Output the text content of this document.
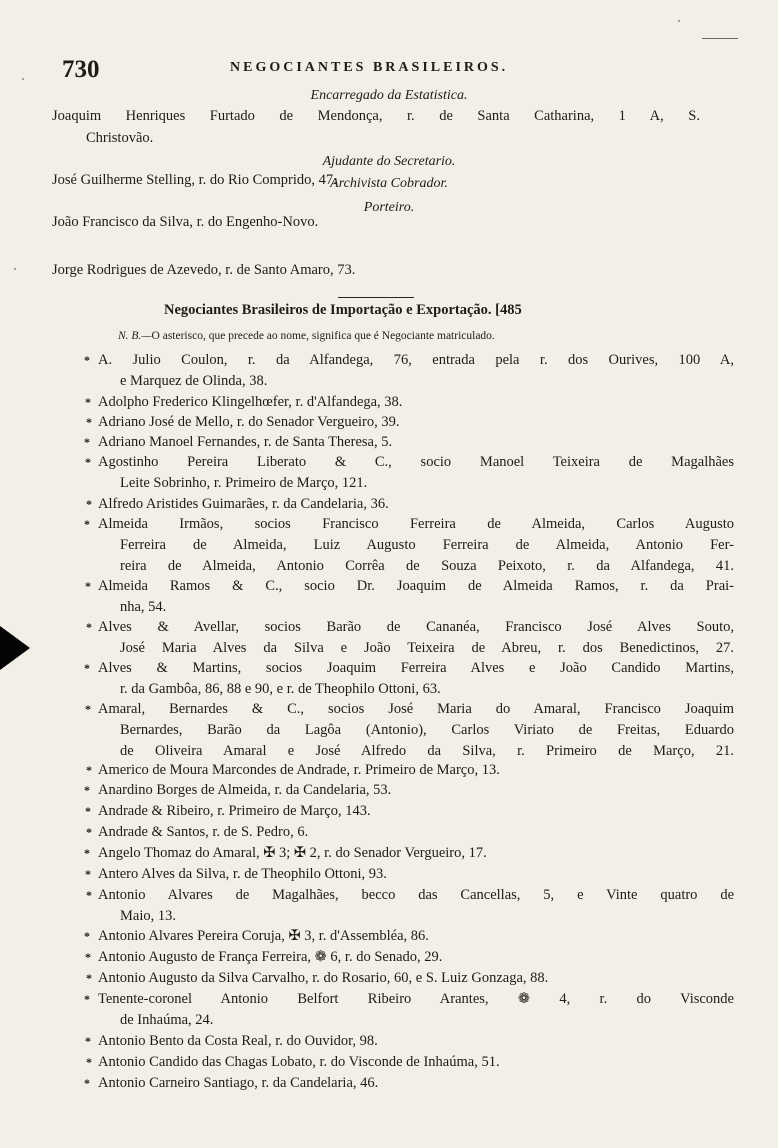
730	NEGOCIANTES BRASILEIROS.
Encarregado da Estatistica.
Joaquim Henriques Furtado de Mendonça, r. de Santa Catharina, 1 A, S.
Christovão.
Ajudante do Secretario.
José Guilherme Stelling, r. do Rio Comprido, 47.
Archivista Cobrador.
João Francisco da Silva, r. do Engenho-Novo.
Porteiro.
Jorge Rodrigues de Azevedo, r. de Santo Amaro, 73.
Negociantes Brasileiros de Importação e Exportação. [485
N. B.—O asterisco, que precede ao nome, significa que é Negociante matriculado.
* A. Julio Coulon, r. da Alfandega, 76, entrada pela r. dos Ourives, 100 A,
e Marquez de Olinda, 38.
* Adolpho Frederico Klingelhœfer, r. d'Alfandega, 38.
* Adriano José de Mello, r. do Senador Vergueiro, 39.
* Adriano Manoel Fernandes, r. de Santa Theresa, 5.
* Agostinho Pereira Liberato & C., socio Manoel Teixeira de Magalhães
Leite Sobrinho, r. Primeiro de Março, 121.
* Alfredo Aristides Guimarães, r. da Candelaria, 36.
* Almeida Irmãos, socios Francisco Ferreira de Almeida, Carlos Augusto
Ferreira de Almeida, Luiz Augusto Ferreira de Almeida, Antonio Fer-
reira de Almeida, Antonio Corrêa de Souza Peixoto, r. da Alfandega, 41.
* Almeida Ramos & C., socio Dr. Joaquim de Almeida Ramos, r. da Prai-
nha, 54.
* Alves & Avellar, socios Barão de Cananéa, Francisco José Alves Souto,
José Maria Alves da Silva e João Teixeira de Abreu, r. dos Benedictinos, 27.
* Alves & Martins, socios Joaquim Ferreira Alves e João Candido Martins,
r. da Gambôa, 86, 88 e 90, e r. de Theophilo Ottoni, 63.
* Amaral, Bernardes & C., socios José Maria do Amaral, Francisco Joaquim
Bernardes, Barão da Lagôa (Antonio), Carlos Viriato de Freitas, Eduardo
de Oliveira Amaral e José Alfredo da Silva, r. Primeiro de Março, 21.
* Americo de Moura Marcondes de Andrade, r. Primeiro de Março, 13.
* Anardino Borges de Almeida, r. da Candelaria, 53.
* Andrade & Ribeiro, r. Primeiro de Março, 143.
* Andrade & Santos, r. de S. Pedro, 6.
* Angelo Thomaz do Amaral, ✠ 3; ✠ 2, r. do Senador Vergueiro, 17.
* Antero Alves da Silva, r. de Theophilo Ottoni, 93.
* Antonio Alvares de Magalhães, becco das Cancellas, 5, e Vinte quatro de
Maio, 13.
* Antonio Alvares Pereira Coruja, ✠ 3, r. d'Assembléa, 86.
* Antonio Augusto de França Ferreira, ❁ 6, r. do Senado, 29.
* Antonio Augusto da Silva Carvalho, r. do Rosario, 60, e S. Luiz Gonzaga, 88.
* Tenente-coronel Antonio Belfort Ribeiro Arantes, ❁ 4, r. do Visconde
de Inhaúma, 24.
* Antonio Bento da Costa Real, r. do Ouvidor, 98.
* Antonio Candido das Chagas Lobato, r. do Visconde de Inhaúma, 51.
* Antonio Carneiro Santiago, r. da Candelaria, 46.
